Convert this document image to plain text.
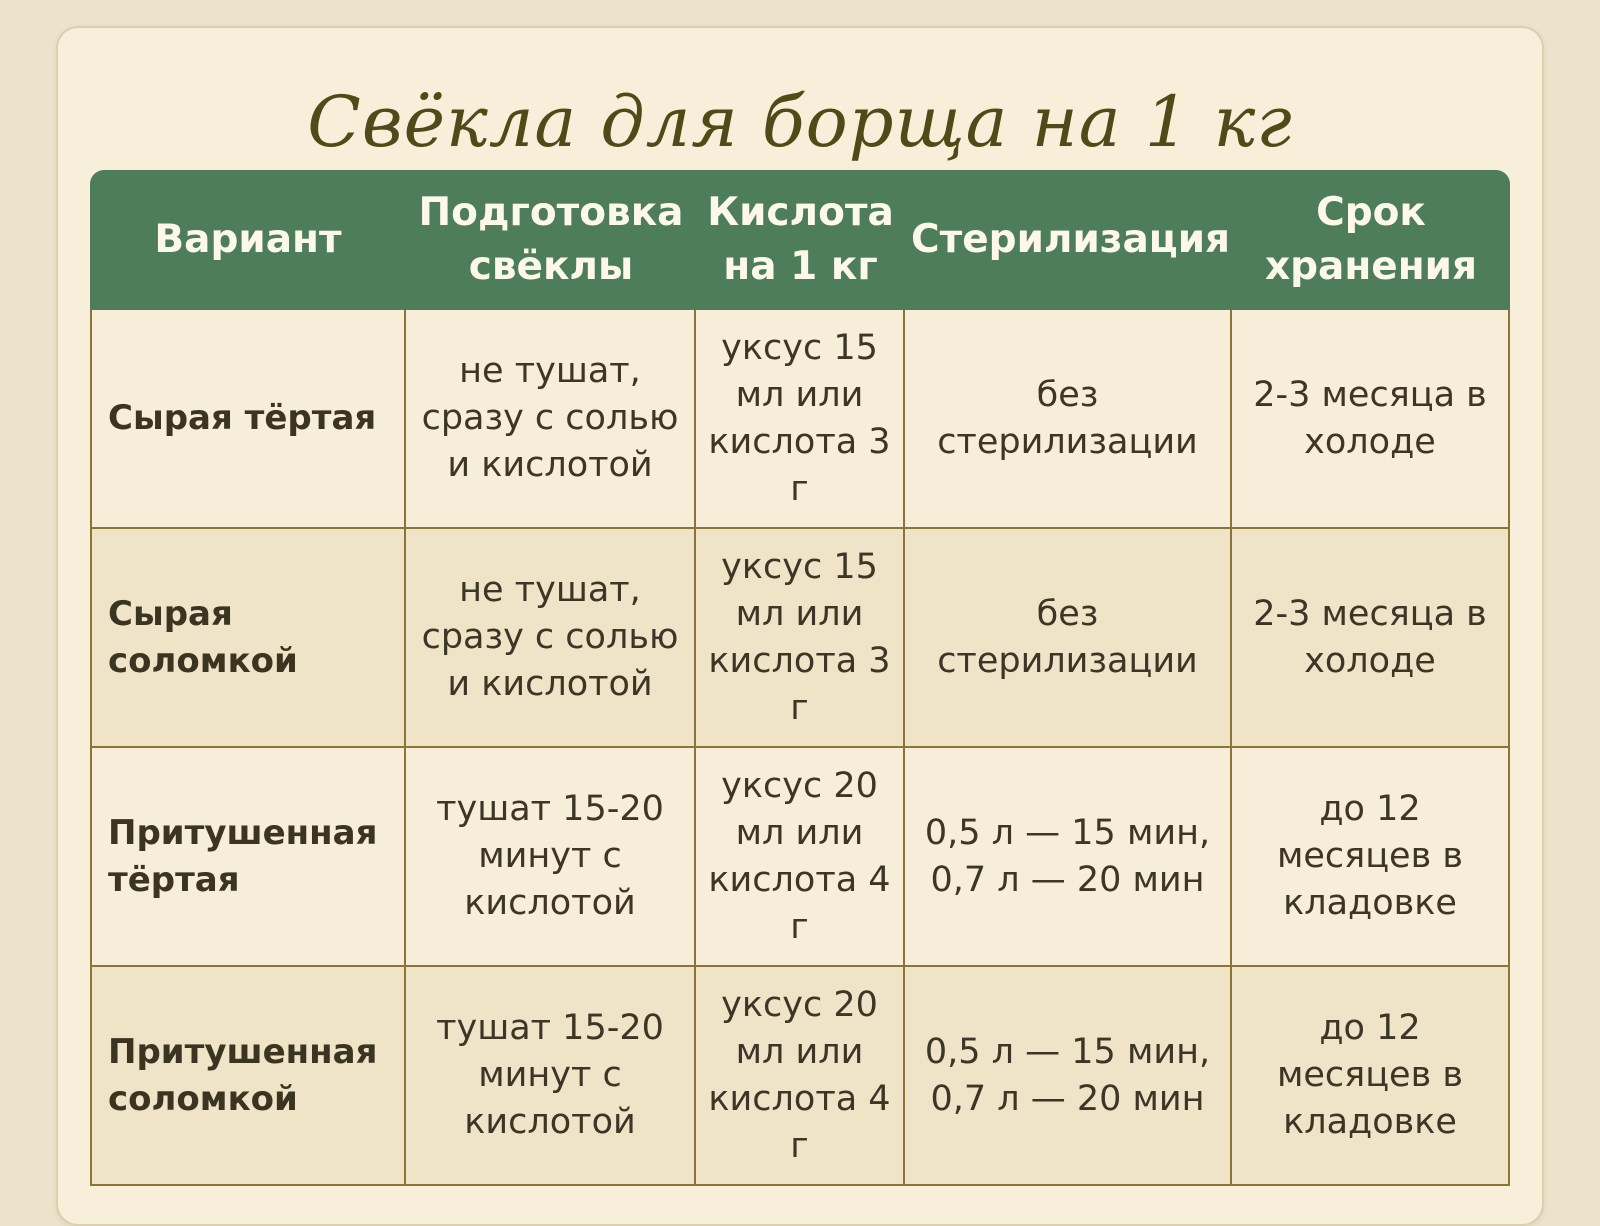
Свёкла для борща на 1 кг
Вариант	Подготовка свёклы	Кислота на 1 кг	Стерилизация	Срок хранения
Сырая тёртая	не тушат, сразу с солью и кислотой	уксус 15 мл или кислота 3 г	без стерилизации	2-3 месяца в холоде
Сырая соломкой	не тушат, сразу с солью и кислотой	уксус 15 мл или кислота 3 г	без стерилизации	2-3 месяца в холоде
Притушенная тёртая	тушат 15-20 минут с кислотой	уксус 20 мл или кислота 4 г	0,5 л — 15 мин, 0,7 л — 20 мин	до 12 месяцев в кладовке
Притушенная соломкой	тушат 15-20 минут с кислотой	уксус 20 мл или кислота 4 г	0,5 л — 15 мин, 0,7 л — 20 мин	до 12 месяцев в кладовке
